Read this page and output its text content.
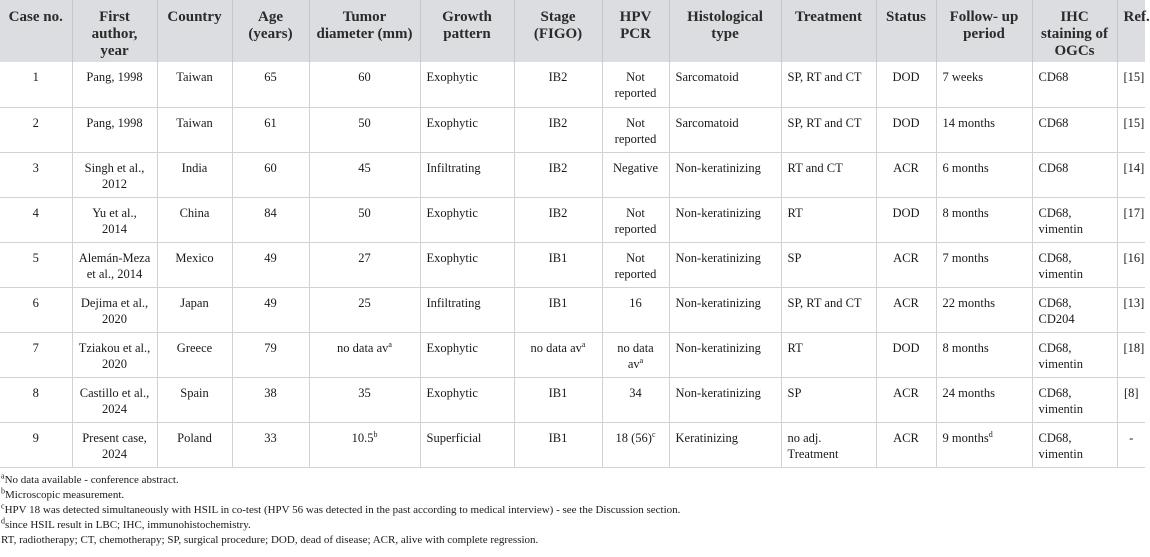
Case no.	First author, year	Country	Age (years)	Tumor diameter (mm)	Growth pattern	Stage (FIGO)	HPV PCR	Histological type	Treatment	Status	Follow- up period	IHC staining of OGCs	Ref.
1	Pang, 1998	Taiwan	65	60	Exophytic	IB2	Not reported	Sarcomatoid	SP, RT and CT	DOD	7 weeks	CD68	[15]
2	Pang, 1998	Taiwan	61	50	Exophytic	IB2	Not reported	Sarcomatoid	SP, RT and CT	DOD	14 months	CD68	[15]
3	Singh et al., 2012	India	60	45	Infiltrating	IB2	Negative	Non-keratinizing	RT and CT	ACR	6 months	CD68	[14]
4	Yu et al., 2014	China	84	50	Exophytic	IB2	Not reported	Non-keratinizing	RT	DOD	8 months	CD68, vimentin	[17]
5	Alemán-Meza et al., 2014	Mexico	49	27	Exophytic	IB1	Not reported	Non-keratinizing	SP	ACR	7 months	CD68, vimentin	[16]
6	Dejima et al., 2020	Japan	49	25	Infiltrating	IB1	16	Non-keratinizing	SP, RT and CT	ACR	22 months	CD68, CD204	[13]
7	Tziakou et al., 2020	Greece	79	no data $av^a$	Exophytic	no data $av^a$	no data $av^a$	Non-keratinizing	RT	DOD	8 months	CD68, vimentin	[18]
8	Castillo et al., 2024	Spain	38	35	Exophytic	IB1	34	Non-keratinizing	SP	ACR	24 months	CD68, vimentin	[8]
9	Present case, 2024	Poland	33	10.5$^b$	Superficial	IB1	18 $(56)^c$	Keratinizing	no adj. Treatment	ACR	9 months$^d$	CD68, vimentin	-
$^a$No data available - conference abstract.
$^b$Microscopic measurement.
$^c$HPV 18 was detected simultaneously with HSIL in co-test (HPV 56 was detected in the past according to medical interview) - see the Discussion section.
$^d$since HSIL result in LBC; IHC, immunohistochemistry.
RT, radiotherapy; CT, chemotherapy; SP, surgical procedure; DOD, dead of disease; ACR, alive with complete regression.
